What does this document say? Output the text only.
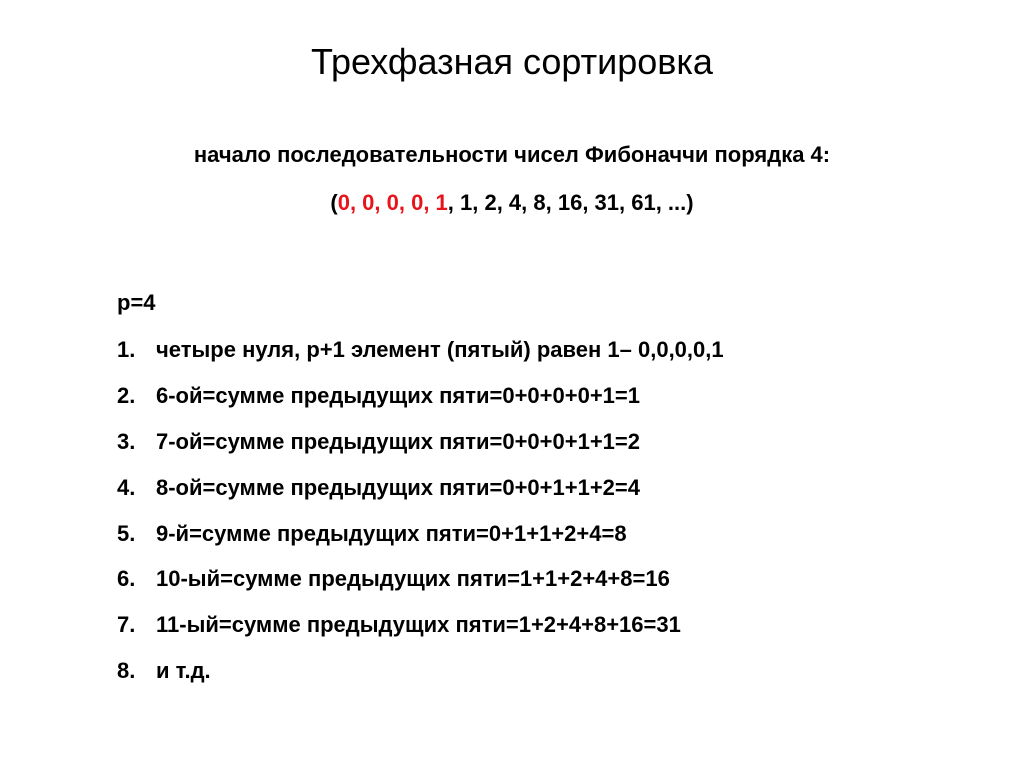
Трехфазная сортировка
начало последовательности чисел Фибоначчи порядка 4:
(0, 0, 0, 0, 1, 1, 2, 4, 8, 16, 31, 61, ...)
p=4
1. четыре нуля, p+1 элемент (пятый) равен 1– 0,0,0,0,1
2. 6-ой=сумме предыдущих пяти=0+0+0+0+1=1
3. 7-ой=сумме предыдущих пяти=0+0+0+1+1=2
4. 8-ой=сумме предыдущих пяти=0+0+1+1+2=4
5. 9-й=сумме предыдущих пяти=0+1+1+2+4=8
6. 10-ый=сумме предыдущих пяти=1+1+2+4+8=16
7. 11-ый=сумме предыдущих пяти=1+2+4+8+16=31
8. и т.д.
